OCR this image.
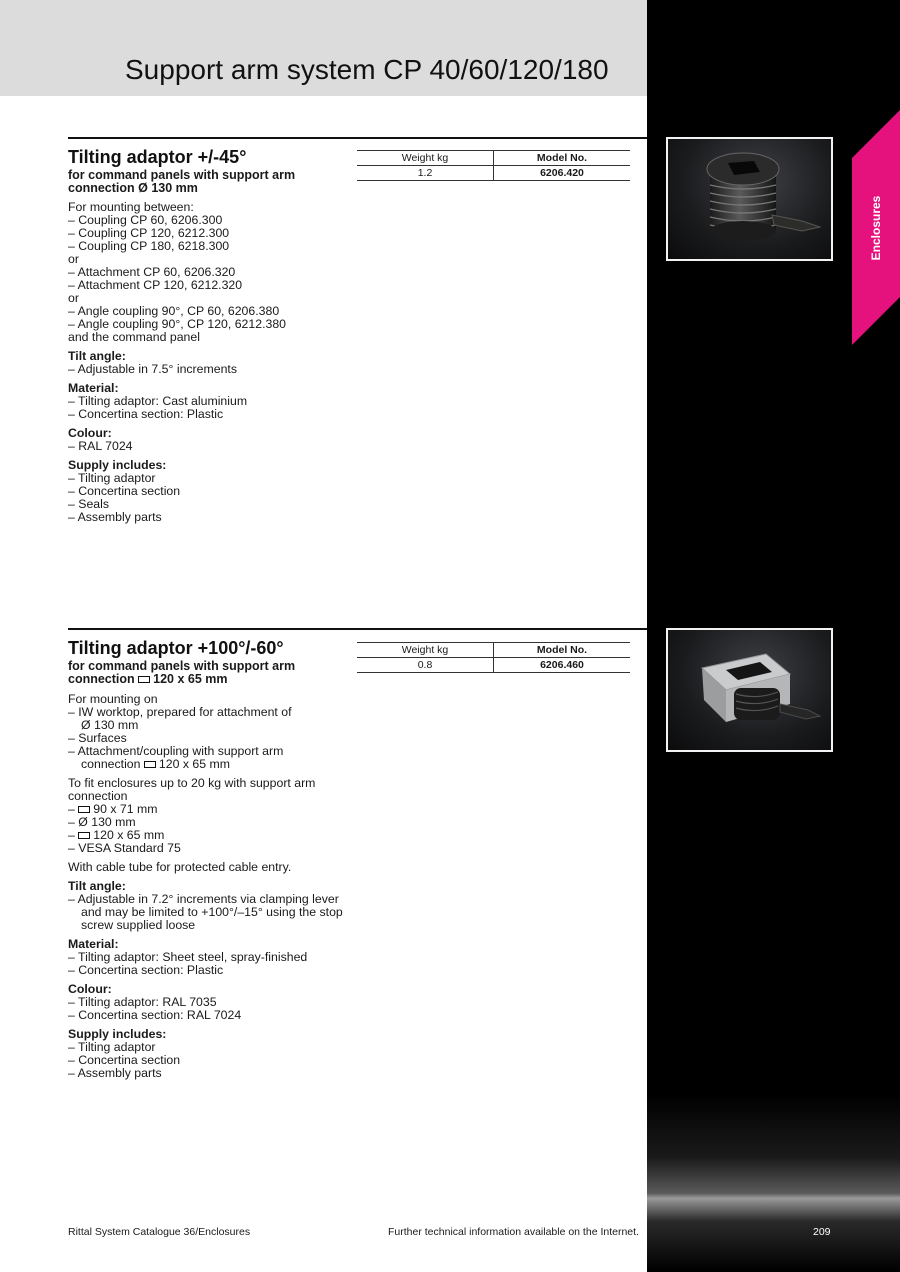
Support arm system CP 40/60/120/180
Enclosures
Tilting adaptor +/-45°
for command panels with support arm
connection Ø 130 mm
For mounting between:
– Coupling CP 60, 6206.300
– Coupling CP 120, 6212.300
– Coupling CP 180, 6218.300
or
– Attachment CP 60, 6206.320
– Attachment CP 120, 6212.320
or
– Angle coupling 90°, CP 60, 6206.380
– Angle coupling 90°, CP 120, 6212.380
and the command panel
Tilt angle:
– Adjustable in 7.5° increments
Material:
– Tilting adaptor: Cast aluminium
– Concertina section: Plastic
Colour:
– RAL 7024
Supply includes:
– Tilting adaptor
– Concertina section
– Seals
– Assembly parts
Weight kg	Model No.
1.2	6206.420
Tilting adaptor +100°/-60°
for command panels with support arm
connection 120 x 65 mm
For mounting on
– IW worktop, prepared for attachment of
Ø 130 mm
– Surfaces
– Attachment/coupling with support arm
connection 120 x 65 mm
To fit enclosures up to 20 kg with support arm
connection
– 90 x 71 mm
– Ø 130 mm
– 120 x 65 mm
– VESA Standard 75
With cable tube for protected cable entry.
Tilt angle:
– Adjustable in 7.2° increments via clamping lever
and may be limited to +100°/–15° using the stop
screw supplied loose
Material:
– Tilting adaptor: Sheet steel, spray-finished
– Concertina section: Plastic
Colour:
– Tilting adaptor: RAL 7035
– Concertina section: RAL 7024
Supply includes:
– Tilting adaptor
– Concertina section
– Assembly parts
Weight kg	Model No.
0.8	6206.460
Rittal System Catalogue 36/Enclosures	Further technical information available on the Internet.	209
